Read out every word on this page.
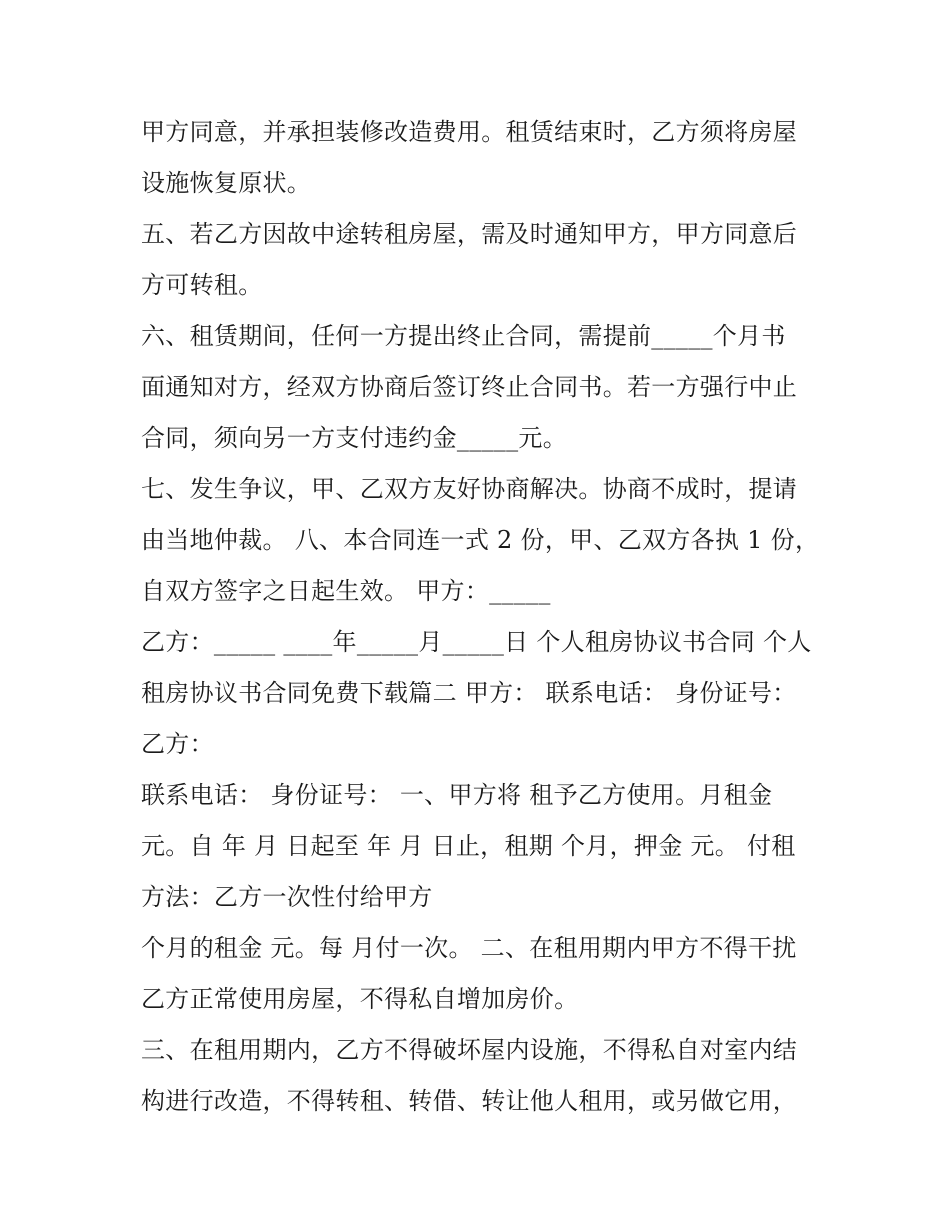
甲方同意，并承担装修改造费用。租赁结束时，乙方须将房屋
设施恢复原状。
五、若乙方因故中途转租房屋，需及时通知甲方，甲方同意后
方可转租。
六、租赁期间，任何一方提出终止合同，需提前_____个月书
面通知对方，经双方协商后签订终止合同书。若一方强行中止
合同，须向另一方支付违约金_____元。
七、发生争议，甲、乙双方友好协商解决。协商不成时，提请
由当地仲裁。 八、本合同连一式 2 份，甲、乙双方各执 1 份，
自双方签字之日起生效。 甲方：_____
乙方：_____ ____年_____月_____日 个人租房协议书合同 个人
租房协议书合同免费下载篇二 甲方： 联系电话： 身份证号：
乙方：
联系电话： 身份证号： 一、甲方将 租予乙方使用。月租金
元。自 年 月 日起至 年 月 日止，租期 个月，押金 元。 付租
方法：乙方一次性付给甲方
个月的租金 元。每 月付一次。 二、在租用期内甲方不得干扰
乙方正常使用房屋，不得私自增加房价。
三、在租用期内，乙方不得破坏屋内设施，不得私自对室内结
构进行改造，不得转租、转借、转让他人租用，或另做它用，
